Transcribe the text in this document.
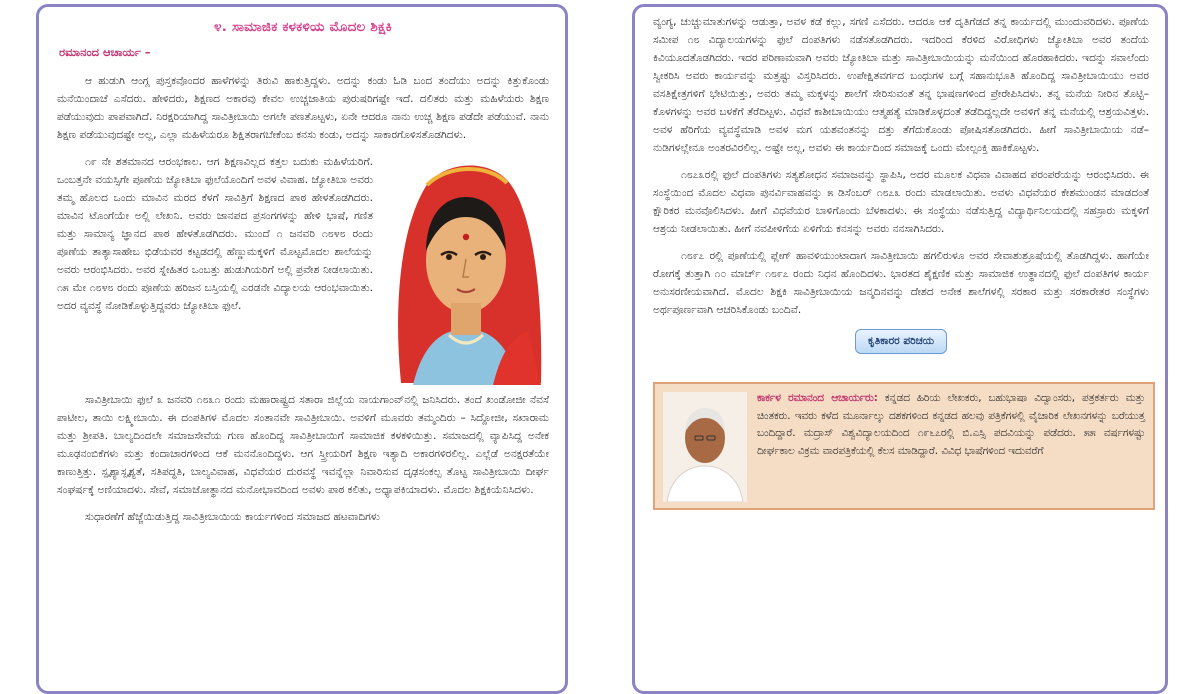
೪. ಸಾಮಾಜಿಕ ಕಳಕಳಿಯ ಮೊದಲ ಶಿಕ್ಷಕಿ
ರಮಾನಂದ ಆಚಾರ್ಯ –

ಆ ಹುಡುಗಿ ಆಂಗ್ಲ ಪುಸ್ತಕವೊಂದರ ಹಾಳೆಗಳನ್ನು ತಿರುವಿ ಹಾಕುತ್ತಿದ್ದಳು. ಅದನ್ನು ಕಂಡು ಓಡಿ ಬಂದ ತಂದೆಯು ಅದನ್ನು ಕಿತ್ತುಕೊಂಡು ಮನೆಯಿಂದಾಚೆ ಎಸೆದರು. ಹೇಳಿದರು, ಶಿಕ್ಷಣದ ಅಕಾರವು ಕೇವಲ ಉಚ್ಚಜಾತಿಯ ಪುರುಷರಿಗಷ್ಟೇ ಇದೆ. ದಲಿತರು ಮತ್ತು ಮಹಿಳೆಯರು ಶಿಕ್ಷಣ ಪಡೆಯುವುದು ಪಾಪವಾಗಿದೆ. ನಿರಕ್ಷರಿಯಾಗಿದ್ದ ಸಾವಿತ್ರೀಬಾಯಿ ಅಗಲೇ ಪಣತೊಟ್ಟಳು, ಏನೇ ಆದರೂ ನಾನು ಉಚ್ಚ ಶಿಕ್ಷಣ ಪಡೆದೇ ಪಡೆಯುವೆ. ನಾನು ಶಿಕ್ಷಣ ಪಡೆಯುವುದಷ್ಟೇ ಅಲ್ಲ, ಎಲ್ಲಾ ಮಹಿಳೆಯರೂ ಶಿಕ್ಷಿತರಾಗಬೇಕೆಂಬ ಕನಸು ಕಂಡು, ಅದನ್ನು ಸಾಕಾರಗೊಳಿಸತೊಡಗಿದಳು.

೧೯ ನೇ ಶತಮಾನದ ಆರಂಭಕಾಲ. ಆಗ ಶಿಕ್ಷಣವಿಲ್ಲದ ಕತ್ತಲ ಬದುಕು ಮಹಿಳೆಯರಿಗೆ. ಒಂಬತ್ತನೇ ವಯಸ್ಸಿಗೇ ಪೂಣೆಯ ಜ್ಯೋತಿಬಾ ಫುಲೆಯೊಂದಿಗೆ ಅವಳ ವಿವಾಹ. ಜ್ಯೋತಿಬಾ ಅವರು ತಮ್ಮ ಹೊಲದ ಒಂದು ಮಾವಿನ ಮರದ ಕೆಳಗೆ ಸಾವಿತ್ರಿಗೆ ಶಿಕ್ಷಣದ ಪಾಠ ಹೇಳತೊಡಗಿದರು. ಮಾವಿನ ಟೊಂಗೆಯೇ ಅಲ್ಲಿ ಲೇಖನಿ. ಅವರು ಜಾನಪದ ಪ್ರಸಂಗಗಳನ್ನು ಹೇಳಿ ಭಾಷೆ, ಗಣಿತ ಮತ್ತು ಸಾಮಾನ್ಯ ಜ್ಞಾನದ ಪಾಠ ಹೇಳತೊಡಗಿದರು. ಮುಂದೆ ೧ ಜನವರಿ ೧೮೪೮ ರಂದು ಪೂಣೆಯ ತಾತ್ಯಾಸಾಹೇಬ ಭಿಡೆಯವರ ಕಟ್ಟಡದಲ್ಲಿ ಹೆಣ್ಣುಮಕ್ಕಳಿಗೆ ಮೊಟ್ಟಮೊದಲ ಶಾಲೆಯನ್ನು ಅವರು ಆರಂಭಿಸಿದರು. ಅವರ ಸ್ನೇಹಿತರ ಒಂಬತ್ತು ಹುಡುಗಿಯರಿಗೆ ಅಲ್ಲಿ ಪ್ರವೇಶ ನೀಡಲಾಯಿತು. ೧೫ ಮೇ ೧೮೪೮ ರಂದು ಪೂಣೆಯ ಹರಿಜನ ಬಸ್ತಿಯಲ್ಲಿ ಎರಡನೇ ವಿದ್ಯಾಲಯ ಆರಂಭವಾಯಿತು. ಅದರ ವ್ಯವಸ್ಥೆ ನೋಡಿಕೊಳ್ಳುತ್ತಿದ್ದವರು ಜ್ಯೋತಿಬಾ ಫುಲೆ.

ಸಾವಿತ್ರೀಬಾಯಿ ಫುಲೆ ೩ ಜನವರಿ ೧೮೩೧ ರಂದು ಮಹಾರಾಷ್ಟ್ರದ ಸತಾರಾ ಜಿಲ್ಲೆಯ ನಾಯಗಾಂವ್‌ನಲ್ಲಿ ಜನಿಸಿದರು. ತಂದೆ ಖಂಡೋಜೀ ನೆವಸೆ ಪಾಟೀಲ, ತಾಯಿ ಲಕ್ಷ್ಮೀಬಾಯಿ. ಈ ದಂಪತಿಗಳ ಮೊದಲ ಸಂತಾನವೇ ಸಾವಿತ್ರೀಬಾಯಿ. ಅವಳಿಗೆ ಮೂವರು ತಮ್ಮಂದಿರು – ಸಿದ್ದೋಜೀ, ಸಖಾರಾಮ ಮತ್ತು ಶ್ರೀಪತಿ. ಬಾಲ್ಯದಿಂದಲೇ ಸಮಾಜಸೇವೆಯ ಗುಣ ಹೊಂದಿದ್ದ ಸಾವಿತ್ರೀಬಾಯಿಗೆ ಸಾಮಾಜಿಕ ಕಳಕಳಿಯಿತ್ತು. ಸಮಾಜದಲ್ಲಿ ವ್ಯಾಪಿಸಿದ್ದ ಅನೇಕ ಮೂಢನಂಬಿಕೆಗಳು ಮತ್ತು ಕಂದಾಚಾರಗಳಿಂದ ಆಕೆ ಮನನೊಂದಿದ್ದಳು. ಆಗ ಸ್ತ್ರೀಯರಿಗೆ ಶಿಕ್ಷಣ ಇತ್ಯಾದಿ ಅಕಾರಗಳಿರಲಿಲ್ಲ. ಎಲ್ಲೆಡೆ ಅನಕ್ಷರತೆಯೇ ಕಾಣುತ್ತಿತ್ತು. ಸ್ಪೃಶ್ಯಾಸ್ಪೃಶ್ಯತೆ, ಸತಿಪದ್ಧತಿ, ಬಾಲ್ಯವಿವಾಹ, ವಿಧವೆಯರ ದುರವಸ್ಥೆ ಇವನ್ನೆಲ್ಲಾ ನಿವಾರಿಸುವ ದೃಢಸಂಕಲ್ಪ ತೊಟ್ಟ ಸಾವಿತ್ರೀಬಾಯಿ ದೀರ್ಘ ಸಂಘರ್ಷಕ್ಕೆ ಅಣಿಯಾದಳು. ಸೇವೆ, ಸಮಾಜೋತ್ಥಾನದ ಮನೋಭಾವದಿಂದ ಅವಳು ಪಾಠ ಕಲಿತು, ಅಧ್ಯಾಪಕಿಯಾದಳು. ಮೊದಲ ಶಿಕ್ಷಕಿಯೆನಿಸಿದಳು.

ಸುಧಾರಣೆಗೆ ಹೆಜ್ಜೆಯಿಡುತ್ತಿದ್ದ ಸಾವಿತ್ರೀಬಾಯಿಯ ಕಾರ್ಯಗಳಿಂದ ಸಮಾಜದ ಹಟವಾದಿಗಳು

ವ್ಯಂಗ್ಯ, ಚುಚ್ಚುಮಾತುಗಳನ್ನು ಆಡುತ್ತಾ, ಅವಳ ಕಡೆ ಕಲ್ಲು, ಸಗಣಿ ಎಸೆದರು. ಆದರೂ ಆಕೆ ದೃತಿಗೆಡದೆ ತನ್ನ ಕಾರ್ಯದಲ್ಲಿ ಮುಂದುವರಿದಳು. ಪೂಣೆಯ ಸಮೀಪ ೧೮ ವಿದ್ಯಾಲಯಗಳನ್ನು ಫುಲೆ ದಂಪತಿಗಳು ನಡೆಸತೊಡಗಿದರು. ಇದರಿಂದ ಕೆರಳಿದ ವಿರೋಧಿಗಳು ಜ್ಯೋತಿಬಾ ಅವರ ತಂದೆಯ ಕಿವಿಯೂದತೊಡಗಿದರು. ಇದರ ಪರಿಣಾಮವಾಗಿ ಅವರು ಜ್ಯೋತಿಬಾ ಮತ್ತು ಸಾವಿತ್ರೀಬಾಯಿಯನ್ನು ಮನೆಯಿಂದ ಹೊರಹಾಕಿದರು. ಇದನ್ನು ಸವಾಲೆಂದು ಸ್ವೀಕರಿಸಿ ಅವರು ಕಾರ್ಯವನ್ನು ಮತ್ತಷ್ಟು ವಿಸ್ತರಿಸಿದರು. ಉಪೇಕ್ಷಿತವರ್ಗದ ಬಂಧುಗಳ ಬಗ್ಗೆ ಸಹಾನುಭೂತಿ ಹೊಂದಿದ್ದ ಸಾವಿತ್ರೀಬಾಯಿಯು ಅವರ ವಸತಿಕ್ಷೇತ್ರಗಳಿಗೆ ಭೇಟಿಯಿತ್ತು, ಅವರು ತಮ್ಮ ಮಕ್ಕಳನ್ನು ಶಾಲೆಗೆ ಸೇರಿಸುವಂತೆ ತನ್ನ ಭಾಷಣಗಳಿಂದ ಪ್ರೇರೇಪಿಸಿದಳು. ತನ್ನ ಮನೆಯ ನೀರಿನ ತೊಟ್ಟಿ–ಕೊಳಗಳನ್ನು ಅವರ ಬಳಕೆಗೆ ತೆರೆದಿಟ್ಟಳು. ವಿಧವೆ ಕಾಶೀಬಾಯಿಯು ಆತ್ಮಹತ್ಯೆ ಮಾಡಿಕೊಳ್ಳದಂತೆ ತಡೆದಿದ್ದಲ್ಲದೇ ಅವಳಿಗೆ ತನ್ನ ಮನೆಯಲ್ಲಿ ಆಶ್ರಯವಿತ್ತಳು. ಅವಳ ಹೆರಿಗೆಯ ವ್ಯವಸ್ಥೆಮಾಡಿ ಅವಳ ಮಗ ಯಶವಂತನನ್ನು ದತ್ತು ತೆಗೆದುಕೊಂಡು ಪೋಷಿಸತೊಡಗಿದರು. ಹೀಗೆ ಸಾವಿತ್ರೀಬಾಯಿಯ ನಡೆ–ನುಡಿಗಳಲ್ಲೇನೂ ಅಂತರವಿರಲಿಲ್ಲ. ಅಷ್ಟೇ ಅಲ್ಲ, ಅವಳು ಈ ಕಾರ್ಯದಿಂದ ಸಮಾಜಕ್ಕೆ ಒಂದು ಮೇಲ್ಪಂಕ್ತಿ ಹಾಕಿಕೊಟ್ಟಳು.

೧೮೭೩ರಲ್ಲಿ ಫುಲೆ ದಂಪತಿಗಳು ಸತ್ಯಶೋಧನ ಸಮಾಜವನ್ನು ಸ್ಥಾಪಿಸಿ, ಅದರ ಮೂಲಕ ವಿಧವಾ ವಿವಾಹದ ಪರಂಪರೆಯನ್ನು ಆರಂಭಿಸಿದರು. ಈ ಸಂಸ್ಥೆಯಿಂದ ಮೊದಲ ವಿಧವಾ ಪುನರ್ವಿವಾಹವನ್ನು ೫ ಡಿಸೆಂಬರ್ ೧೮೭೩ ರಂದು ಮಾಡಲಾಯಿತು. ಅವಳು ವಿಧವೆಯರ ಕೇಶಮುಂಡನ ಮಾಡದಂತೆ ಕ್ಷೌರಿಕರ ಮನವೊಲಿಸಿದಳು. ಹೀಗೆ ವಿಧವೆಯರ ಬಾಳಿಗೊಂದು ಬೆಳಕಾದಳು. ಈ ಸಂಸ್ಥೆಯು ನಡೆಸುತ್ತಿದ್ದ ವಿದ್ಯಾರ್ಥಿನಿಲಯದಲ್ಲಿ ಸಹಸ್ರಾರು ಮಕ್ಕಳಿಗೆ ಆಶ್ರಯ ನೀಡಲಾಯಿತು. ಹೀಗೆ ನವಪೀಳಿಗೆಯ ಏಳಿಗೆಯ ಕನಸನ್ನು ಅವರು ನನಸಾಗಿಸಿದರು.

೧೮೯೭ ರಲ್ಲಿ ಪೂಣೆಯಲ್ಲಿ ಪ್ಲೇಗ್ ಹಾವಳಿಯುಂಟಾದಾಗ ಸಾವಿತ್ರೀಬಾಯಿ ಹಗಲಿರುಳೂ ಅವರ ಸೇವಾಶುಶ್ರೂಷೆಯಲ್ಲಿ ತೊಡಗಿದ್ದಳು. ಹಾಗೆಯೇ ರೋಗಕ್ಕೆ ತುತ್ತಾಗಿ ೧೦ ಮಾರ್ಚ್ ೧೮೯೭ ರಂದು ನಿಧನ ಹೊಂದಿದಳು. ಭಾರತದ ಶೈಕ್ಷಣಿಕ ಮತ್ತು ಸಾಮಾಜಿಕ ಉತ್ಥಾನದಲ್ಲಿ ಫುಲೆ ದಂಪತಿಗಳ ಕಾರ್ಯ ಅನುಸರಣೀಯವಾಗಿದೆ. ಮೊದಲ ಶಿಕ್ಷಕಿ ಸಾವಿತ್ರೀಬಾಯಿಯ ಜನ್ಮದಿನವನ್ನು ದೇಶದ ಅನೇಕ ಶಾಲೆಗಳಲ್ಲಿ ಸರಕಾರ ಮತ್ತು ಸರಕಾರೇತರ ಸಂಸ್ಥೆಗಳು ಅರ್ಥಪೂರ್ಣವಾಗಿ ಆಚರಿಸಿಕೊಂಡು ಬಂದಿವೆ.

ಕೃತಿಕಾರರ ಪರಿಚಯ
ಕಾರ್ಕಳ ರಮಾನಂದ ಆಚಾರ್ಯರು: ಕನ್ನಡದ ಹಿರಿಯ ಲೇಖಕರು, ಬಹುಭಾಷಾ ವಿದ್ವಾಂಸರು, ಪತ್ರಕರ್ತರು ಮತ್ತು ಚಿಂತಕರು. ಇವರು ಕಳೆದ ಮೂರ್ನಾಲ್ಕು ದಶಕಗಳಿಂದ ಕನ್ನಡದ ಹಲವು ಪತ್ರಿಕೆಗಳಲ್ಲಿ ವೈಚಾರಿಕ ಲೇಖನಗಳನ್ನು ಬರೆಯುತ್ತ ಬಂದಿದ್ದಾರೆ. ಮದ್ರಾಸ್ ವಿಶ್ವವಿದ್ಯಾಲಯದಿಂದ ೧೯೬೭ರಲ್ಲಿ ಬಿ.ಎಸ್ಸಿ ಪದವಿಯನ್ನು ಪಡೆದರು. ೫೫ ವರ್ಷಗಳಷ್ಟು ದೀರ್ಘಕಾಲ ವಿಕ್ರಮ ವಾರಪತ್ರಿಕೆಯಲ್ಲಿ ಕೆಲಸ ಮಾಡಿದ್ದಾರೆ. ವಿವಿಧ ಭಾಷೆಗಳಿಂದ ಇದುವರೆಗೆ
